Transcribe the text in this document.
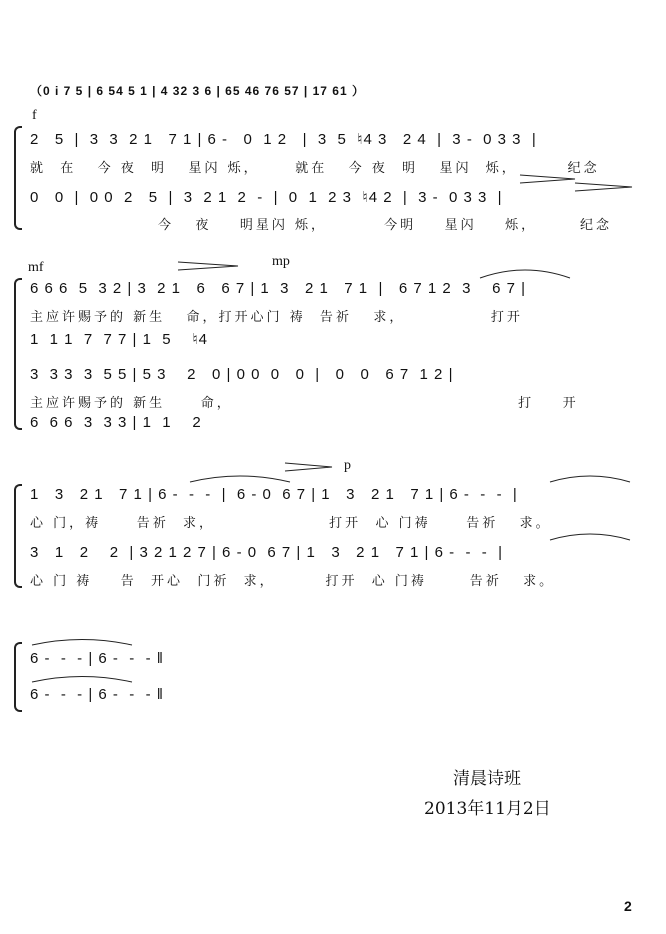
（0 i 7 5 | 6 54 5 1 | 4 32 3 6 | 65 46 76 57 | 17 61 ）
f
2   5  |  3  3  2 1   7 1 | 6 -   0  1 2   |  3  5  ♮4 3   2 4  |  3 -  0 3 3  |
就  在   今 夜  明   星闪 烁，     就在   今 夜  明   星闪  烁，       纪念
0   0  |  0 0  2   5  |  3  2 1  2  -  |  0  1  2 3  ♮4 2  |  3 -  0 3 3  |
今   夜    明星闪 烁，        今明    星闪    烁，      纪念
mf	mp
6 6 6  5  3 2 | 3  2 1   6   6 7 | 1  3   2 1   7 1  |   6 7 1 2  3    6 7 |
主应许赐予的 新生   命，打开心门 祷  告祈   求，            打开
1  1 1  7  7 7 | 1  5    ♮4
3  3 3  3  5 5 | 5 3    2   0 | 0 0  0   0  |   0   0   6 7  1 2 |
主应许赐予的 新生     命，                                        打    开
6  6 6  3  3 3 | 1  1    2
p
1   3   2 1   7 1 | 6 -  -  -  |  6 - 0  6 7 | 1   3   2 1   7 1 | 6 -  -  -  |
心 门，祷     告祈  求，                打开  心 门祷     告祈   求。
3   1   2    2  | 3 2 1 2 7 | 6 - 0  6 7 | 1   3   2 1   7 1 | 6 -  -  -  |
心 门 祷    告  开心  门祈  求，       打开  心 门祷      告祈   求。
6 -  -  - | 6 -  -  - ‖
6 -  -  - | 6 -  -  - ‖
清晨诗班
2013年11月2日
2
